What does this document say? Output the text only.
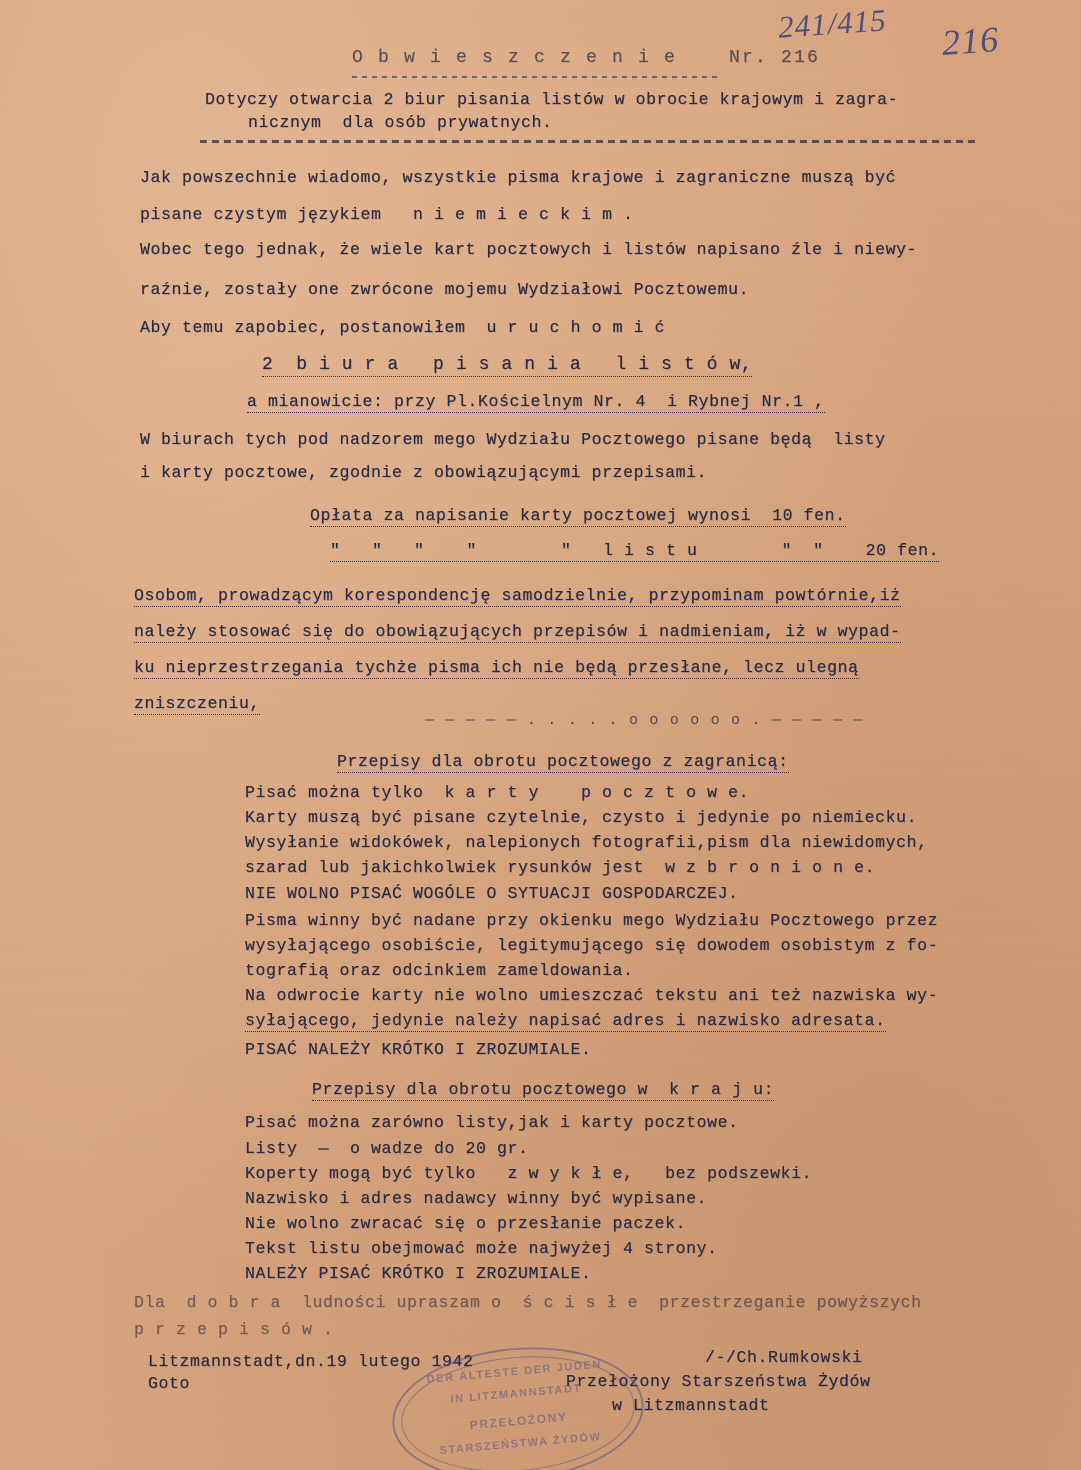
241/415 216
O b w i e s z c z e n i e    Nr. 216
Dotyczy otwarcia 2 biur pisania listów w obrocie krajowym i zagra-
nicznym  dla osób prywatnych.
Jak powszechnie wiadomo, wszystkie pisma krajowe i zagraniczne muszą być
pisane czystym językiem   n i e m i e c k i m .
Wobec tego jednak, że wiele kart pocztowych i listów napisano źle i niewy-
raźnie, zostały one zwrócone mojemu Wydziałowi Pocztowemu.
Aby temu zapobiec, postanowiłem  u r u c h o m i ć
2  b i u r a   p i s a n i a   l i s t ó w,
a mianowicie: przy Pl.Kościelnym Nr. 4  i Rybnej Nr.1 ,
W biurach tych pod nadzorem mego Wydziału Pocztowego pisane będą  listy
i karty pocztowe, zgodnie z obowiązującymi przepisami.
Opłata za napisanie karty pocztowej wynosi  10 fen.
"   "   "    "        "   l i s t u        "  "    20 fen.
Osobom, prowadzącym korespondencję samodzielnie, przypominam powtórnie,iż
należy stosować się do obowiązujących przepisów i nadmieniam, iż w wypad-
ku nieprzestrzegania tychże pisma ich nie będą przesłane, lecz ulegną
zniszczeniu,
— — — — — . . . . . o o o o o o . — — — — —
Przepisy dla obrotu pocztowego z zagranicą:
Pisać można tylko  k a r t y    p o c z t o w e.
Karty muszą być pisane czytelnie, czysto i jedynie po niemiecku.
Wysyłanie widokówek, nalepionych fotografii,pism dla niewidomych,
szarad lub jakichkolwiek rysunków jest  w z b r o n i o n e.
NIE WOLNO PISAĆ WOGÓLE O SYTUACJI GOSPODARCZEJ.
Pisma winny być nadane przy okienku mego Wydziału Pocztowego przez
wysyłającego osobiście, legitymującego się dowodem osobistym z fo-
tografią oraz odcinkiem zameldowania.
Na odwrocie karty nie wolno umieszczać tekstu ani też nazwiska wy-
syłającego, jedynie należy napisać adres i nazwisko adresata.
PISAĆ NALEŻY KRÓTKO I ZROZUMIALE.
Przepisy dla obrotu pocztowego w  k r a j u:
Pisać można zarówno listy,jak i karty pocztowe.
Listy  —  o wadze do 20 gr.
Koperty mogą być tylko   z w y k ł e,   bez podszewki.
Nazwisko i adres nadawcy winny być wypisane.
Nie wolno zwracać się o przesłanie paczek.
Tekst listu obejmować może najwyżej 4 strony.
NALEŻY PISAĆ KRÓTKO I ZROZUMIALE.
Dla  d o b r a  ludności upraszam o  ś c i s ł e  przestrzeganie powyższych
p r z e p i s ó w .
Litzmannstadt,dn.19 lutego 1942
Goto
/-/Ch.Rumkowski
Przełożony Starszeństwa Żydów
w Litzmannstadt
DER ÄLTESTE DER JUDEN
IN LITZMANNSTADT
PRZEŁOŻONY
STARSZEŃSTWA ŻYDÓW
